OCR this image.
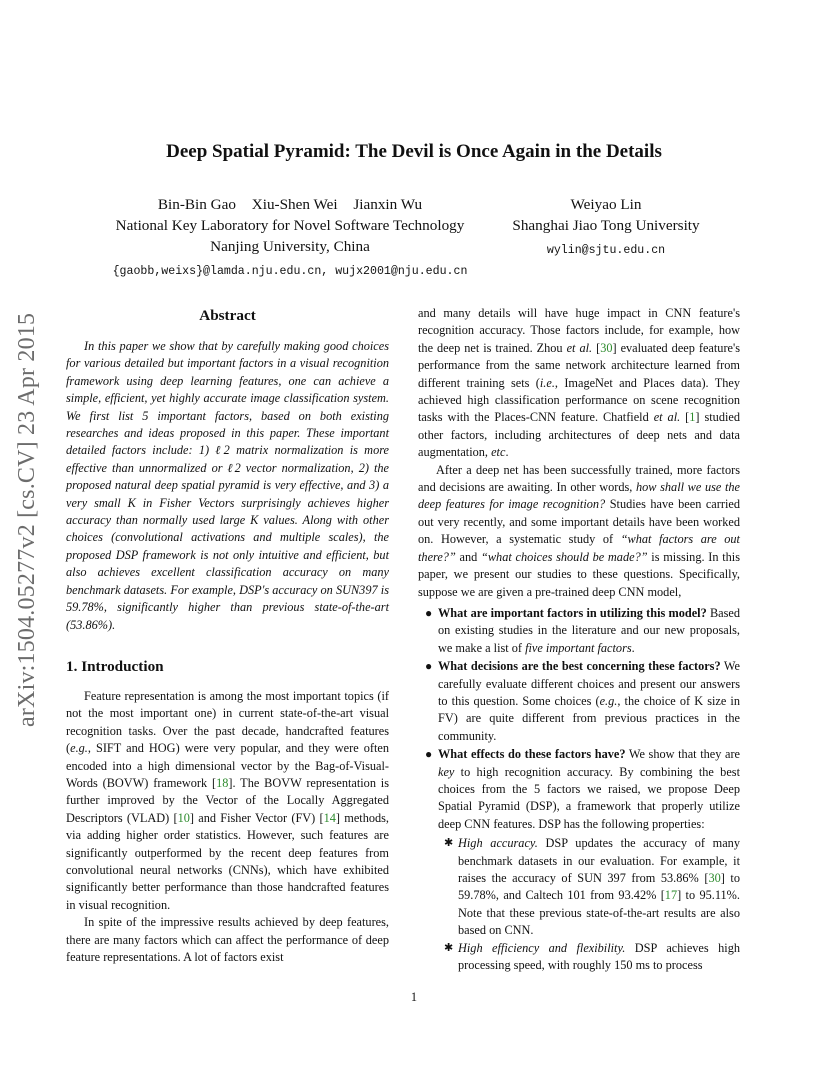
arXiv:1504.05277v2 [cs.CV] 23 Apr 2015
Deep Spatial Pyramid: The Devil is Once Again in the Details
Bin-Bin Gao Xiu-Shen Wei Jianxin Wu
National Key Laboratory for Novel Software Technology
Nanjing University, China
{gaobb,weixs}@lamda.nju.edu.cn, wujx2001@nju.edu.cn
Weiyao Lin
Shanghai Jiao Tong University
wylin@sjtu.edu.cn
Abstract

In this paper we show that by carefully making good choices for various detailed but important factors in a visual recognition framework using deep learning features, one can achieve a simple, efficient, yet highly accurate image classification system. We first list 5 important factors, based on both existing researches and ideas proposed in this paper. These important detailed factors include: 1) ℓ2 matrix normalization is more effective than unnormalized or ℓ2 vector normalization, 2) the proposed natural deep spatial pyramid is very effective, and 3) a very small K in Fisher Vectors surprisingly achieves higher accuracy than normally used large K values. Along with other choices (convolutional activations and multiple scales), the proposed DSP framework is not only intuitive and efficient, but also achieves excellent classification accuracy on many benchmark datasets. For example, DSP's accuracy on SUN397 is 59.78%, significantly higher than previous state-of-the-art (53.86%).

1. Introduction

Feature representation is among the most important topics (if not the most important one) in current state-of-the-art visual recognition tasks. Over the past decade, handcrafted features (e.g., SIFT and HOG) were very popular, and they were often encoded into a high dimensional vector by the Bag-of-Visual-Words (BOVW) framework [18]. The BOVW representation is further improved by the Vector of the Locally Aggregated Descriptors (VLAD) [10] and Fisher Vector (FV) [14] methods, via adding higher order statistics. However, such features are significantly outperformed by the recent deep features from convolutional neural networks (CNNs), which have exhibited significantly better performance than those handcrafted features in visual recognition.

In spite of the impressive results achieved by deep features, there are many factors which can affect the performance of deep feature representations. A lot of factors exist

and many details will have huge impact in CNN feature's recognition accuracy. Those factors include, for example, how the deep net is trained. Zhou et al. [30] evaluated deep feature's performance from the same network architecture learned from different training sets (i.e., ImageNet and Places data). They achieved high classification performance on scene recognition tasks with the Places-CNN feature. Chatfield et al. [1] studied other factors, including architectures of deep nets and data augmentation, etc.

After a deep net has been successfully trained, more factors and decisions are awaiting. In other words, how shall we use the deep features for image recognition? Studies have been carried out very recently, and some important details have been worked on. However, a systematic study of “what factors are out there?” and “what choices should be made?” is missing. In this paper, we present our studies to these questions. Specifically, suppose we are given a pre-trained deep CNN model,

● What are important factors in utilizing this model? Based on existing studies in the literature and our new proposals, we make a list of five important factors.
● What decisions are the best concerning these factors? We carefully evaluate different choices and present our answers to this question. Some choices (e.g., the choice of K size in FV) are quite different from previous practices in the community.
● What effects do these factors have? We show that they are key to high recognition accuracy. By combining the best choices from the 5 factors we raised, we propose Deep Spatial Pyramid (DSP), a framework that properly utilize deep CNN features. DSP has the following properties:
✱ High accuracy. DSP updates the accuracy of many benchmark datasets in our evaluation. For example, it raises the accuracy of SUN 397 from 53.86% [30] to 59.78%, and Caltech 101 from 93.42% [17] to 95.11%. Note that these previous state-of-the-art results are also based on CNN.
✱ High efficiency and flexibility. DSP achieves high processing speed, with roughly 150 ms to process
1
